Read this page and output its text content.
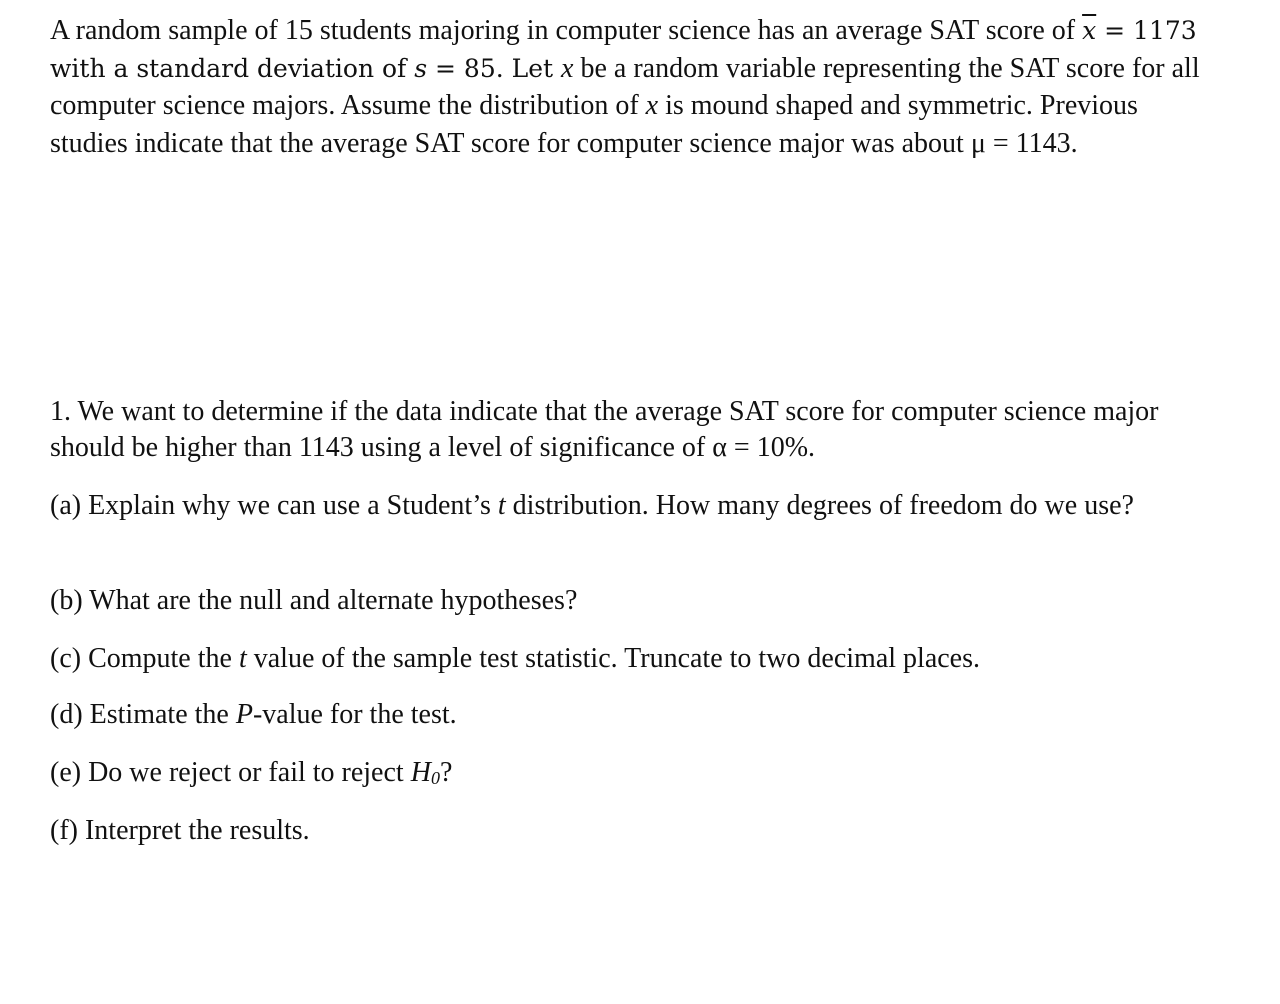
A random sample of 15 students majoring in computer science has an average SAT score of $\overline{x} = 1173$ with a standard deviation of s = 85. Let x be a random variable representing the SAT score for all computer science majors. Assume the distribution of x is mound shaped and symmetric. Previous studies indicate that the average SAT score for computer science major was about μ = 1143.

1. We want to determine if the data indicate that the average SAT score for computer science major should be higher than 1143 using a level of significance of α = 10%.

(a) Explain why we can use a Student’s t distribution. How many degrees of freedom do we use?

(b) What are the null and alternate hypotheses?

(c) Compute the t value of the sample test statistic. Truncate to two decimal places.

(d) Estimate the P-value for the test.

(e) Do we reject or fail to reject $H_0$?

(f) Interpret the results.
